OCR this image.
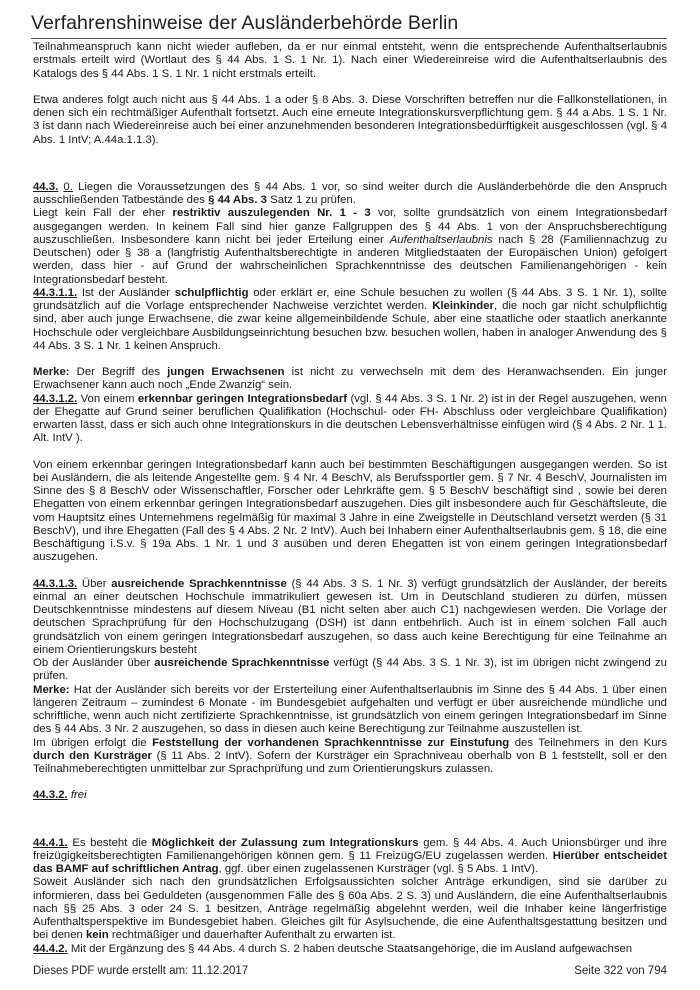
Verfahrenshinweise der Ausländerbehörde Berlin

Teilnahmeanspruch kann nicht wieder aufleben, da er nur einmal entsteht, wenn die entsprechende Aufenthaltserlaubnis erstmals erteilt wird (Wortlaut des § 44 Abs. 1 S. 1 Nr. 1). Nach einer Wiedereinreise wird die Aufenthaltserlaubnis des Katalogs des § 44 Abs. 1 S. 1 Nr. 1 nicht erstmals erteilt.

Etwa anderes folgt auch nicht aus § 44 Abs. 1 a oder § 8 Abs. 3. Diese Vorschriften betreffen nur die Fallkonstellationen, in denen sich ein rechtmäßiger Aufenthalt fortsetzt. Auch eine erneute Integrationskursverpflichtung gem. § 44 a Abs. 1 S. 1 Nr. 3 ist dann nach Wiedereinreise auch bei einer anzunehmenden besonderen Integrationsbedürftigkeit ausgeschlossen (vgl. § 4 Abs. 1 IntV; A.44a.1.1.3).

44.3. 0. Liegen die Voraussetzungen des § 44 Abs. 1 vor, so sind weiter durch die Ausländerbehörde die den Anspruch ausschließenden Tatbestände des § 44 Abs. 3 Satz 1 zu prüfen.

Liegt kein Fall der eher restriktiv auszulegenden Nr. 1 - 3 vor, sollte grundsätzlich von einem Integrationsbedarf ausgegangen werden. In keinem Fall sind hier ganze Fallgruppen des § 44 Abs. 1 von der Anspruchsberechtigung auszuschließen. Insbesondere kann nicht bei jeder Erteilung einer Aufenthaltserlaubnis nach § 28 (Familiennachzug zu Deutschen) oder § 38 a (langfristig Aufenthaltsberechtigte in anderen Mitgliedstaaten der Europäischen Union) gefolgert werden, dass hier - auf Grund der wahrscheinlichen Sprachkenntnisse des deutschen Familienangehörigen - kein Integrationsbedarf besteht.

44.3.1.1. Ist der Ausländer schulpflichtig oder erklärt er, eine Schule besuchen zu wollen (§ 44 Abs. 3 S. 1 Nr. 1), sollte grundsätzlich auf die Vorlage entsprechender Nachweise verzichtet werden. Kleinkinder, die noch gar nicht schulpflichtig sind, aber auch junge Erwachsene, die zwar keine allgemeinbildende Schule, aber eine staatliche oder staatlich anerkannte Hochschule oder vergleichbare Ausbildungseinrichtung besuchen bzw. besuchen wollen, haben in analoger Anwendung des § 44 Abs. 3 S. 1 Nr. 1 keinen Anspruch.

Merke: Der Begriff des jungen Erwachsenen ist nicht zu verwechseln mit dem des Heranwachsenden. Ein junger Erwachsener kann auch noch „Ende Zwanzig“ sein.

44.3.1.2. Von einem erkennbar geringen Integrationsbedarf (vgl. § 44 Abs. 3 S. 1 Nr. 2) ist in der Regel auszugehen, wenn der Ehegatte auf Grund seiner beruflichen Qualifikation (Hochschul- oder FH- Abschluss oder vergleichbare Qualifikation) erwarten lässt, dass er sich auch ohne Integrationskurs in die deutschen Lebensverhältnisse einfügen wird (§ 4 Abs. 2 Nr. 1 1. Alt. IntV ).

Von einem erkennbar geringen Integrationsbedarf kann auch bei bestimmten Beschäftigungen ausgegangen werden. So ist bei Ausländern, die als leitende Angestellte gem. § 4 Nr. 4 BeschV, als Berufssportler gem. § 7 Nr. 4 BeschV, Journalisten im Sinne des § 8 BeschV oder Wissenschaftler, Forscher oder Lehrkräfte gem. § 5 BeschV beschäftigt sind , sowie bei deren Ehegatten von einem erkennbar geringen Integrationsbedarf auszugehen. Dies gilt insbesondere auch für Geschäftsleute, die vom Hauptsitz eines Unternehmens regelmäßig für maximal 3 Jahre in eine Zweigstelle in Deutschland versetzt werden (§ 31 BeschV), und ihre Ehegatten (Fall des § 4 Abs. 2 Nr. 2 IntV). Auch bei Inhabern einer Aufenthaltserlaubnis gem. § 18, die eine Beschäftigung i.S.v. § 19a Abs. 1 Nr. 1 und 3 ausüben und deren Ehegatten ist von einem geringen Integrationsbedarf auszugehen.

44.3.1.3. Über ausreichende Sprachkenntnisse (§ 44 Abs. 3 S. 1 Nr. 3) verfügt grundsätzlich der Ausländer, der bereits einmal an einer deutschen Hochschule immatrikuliert gewesen ist. Um in Deutschland studieren zu dürfen, müssen Deutschkenntnisse mindestens auf diesem Niveau (B1 nicht selten aber auch C1) nachgewiesen werden. Die Vorlage der deutschen Sprachprüfung für den Hochschulzugang (DSH) ist dann entbehrlich. Auch ist in einem solchen Fall auch grundsätzlich von einem geringen Integrationsbedarf auszugehen, so dass auch keine Berechtigung für eine Teilnahme an einem Orientierungskurs besteht

Ob der Ausländer über ausreichende Sprachkenntnisse verfügt (§ 44 Abs. 3 S. 1 Nr. 3), ist im übrigen nicht zwingend zu prüfen.

Merke: Hat der Ausländer sich bereits vor der Ersterteilung einer Aufenthaltserlaubnis im Sinne des § 44 Abs. 1 über einen längeren Zeitraum – zumindest 6 Monate - im Bundesgebiet aufgehalten und verfügt er über ausreichende mündliche und schriftliche, wenn auch nicht zertifizierte Sprachkenntnisse, ist grundsätzlich von einem geringen Integrationsbedarf im Sinne des § 44 Abs. 3 Nr. 2 auszugehen, so dass in diesen auch keine Berechtigung zur Teilnahme auszustellen ist.

Im übrigen erfolgt die Feststellung der vorhandenen Sprachkenntnisse zur Einstufung des Teilnehmers in den Kurs durch den Kursträger (§ 11 Abs. 2 IntV). Sofern der Kursträger ein Sprachniveau oberhalb von B 1 feststellt, soll er den Teilnahmeberechtigten unmittelbar zur Sprachprüfung und zum Orientierungskurs zulassen.

44.3.2. frei

44.4.1. Es besteht die Möglichkeit der Zulassung zum Integrationskurs gem. § 44 Abs. 4. Auch Unionsbürger und ihre freizügigkeitsberechtigten Familienangehörigen können gem. § 11 FreizügG/EU zugelassen werden. Hierüber entscheidet das BAMF auf schriftlichen Antrag, ggf. über einen zugelassenen Kursträger (vgl. § 5 Abs. 1 IntV).

Soweit Ausländer sich nach den grundsätzlichen Erfolgsaussichten solcher Anträge erkundigen, sind sie darüber zu informieren, dass bei Geduldeten (ausgenommen Fälle des § 60a Abs. 2 S. 3) und Ausländern, die eine Aufenthaltserlaubnis nach §§ 25 Abs. 3 oder 24 S. 1 besitzen, Anträge regelmäßig abgelehnt werden, weil die Inhaber keine längerfristige Aufenthaltsperspektive im Bundesgebiet haben. Gleiches gilt für Asylsuchende, die eine Aufenthaltsgestattung besitzen und bei denen kein rechtmäßiger und dauerhafter Aufenthalt zu erwarten ist.

44.4.2. Mit der Ergänzung des § 44 Abs. 4 durch S. 2 haben deutsche Staatsangehörige, die im Ausland aufgewachsen

Dieses PDF wurde erstellt am: 11.12.2017	Seite 322 von 794
